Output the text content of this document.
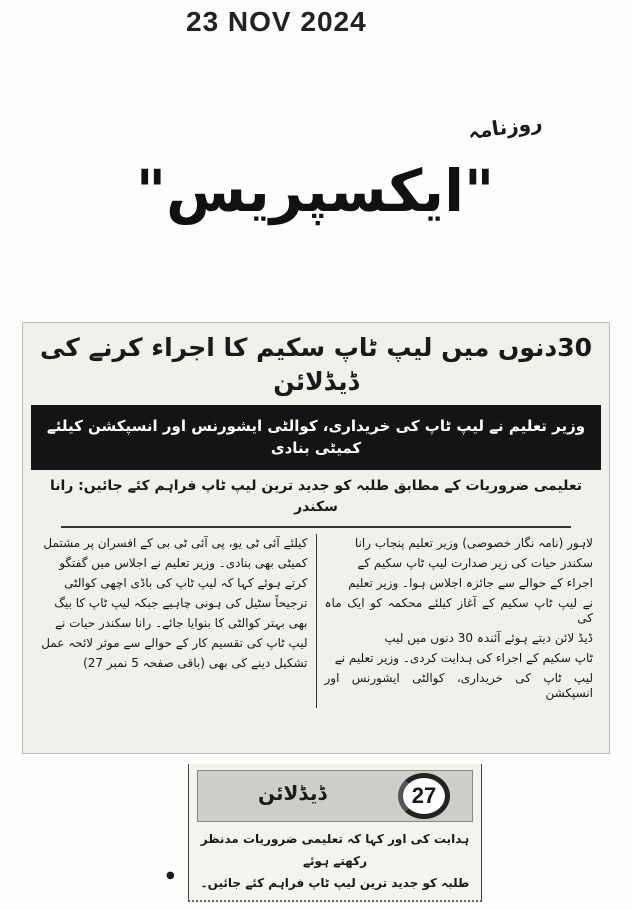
23 NOV 2024
روزنامہ
"ایکسپریس"
30دنوں میں لیپ ٹاپ سکیم کا اجراء کرنے کی ڈیڈلائن
وزیر تعلیم نے لیپ ٹاپ کی خریداری، کوالٹی ایشورنس اور انسپکشن کیلئے کمیٹی بنادی
تعلیمی ضروریات کے مطابق طلبہ کو جدید ترین لیپ ٹاپ فراہم کئے جائیں: رانا سکندر
لاہور (نامہ نگار خصوصی) وزیر تعلیم پنجاب رانا
سکندر حیات کی زیر صدارت لیپ ٹاپ سکیم کے
اجراء کے حوالے سے جائزہ اجلاس ہوا۔ وزیر تعلیم
نے لیپ ٹاپ سکیم کے آغاز کیلئے محکمہ کو ایک ماہ کی
ڈیڈ لائن دیتے ہوئے آئندہ 30 دنوں میں لیپ
ٹاپ سکیم کے اجراء کی ہدایت کردی۔ وزیر تعلیم نے
لیپ ٹاپ کی خریداری، کوالٹی ایشورنس اور انسپکشن
کیلئے آئی ٹی یو، پی آئی ٹی بی کے افسران پر مشتمل
کمیٹی بھی بنادی۔ وزیر تعلیم نے اجلاس میں گفتگو
کرتے ہوئے کہا کہ لیپ ٹاپ کی باڈی اچھی کوالٹی
ترجیحاً سٹیل کی ہونی چاہیے جبکہ لیپ ٹاپ کا بیگ
بھی بہتر کوالٹی کا بنوایا جائے۔ رانا سکندر حیات نے
لیپ ٹاپ کی تقسیم کار کے حوالے سے موثر لائحہ عمل
تشکیل دینے کی بھی (باقی صفحہ 5 نمبر 27)
ڈیڈلائن	27
ہدایت کی اور کہا کہ تعلیمی ضروریات مدنظر رکھتے ہوئے
طلبہ کو جدید ترین لیپ ٹاپ فراہم کئے جائیں۔
●
